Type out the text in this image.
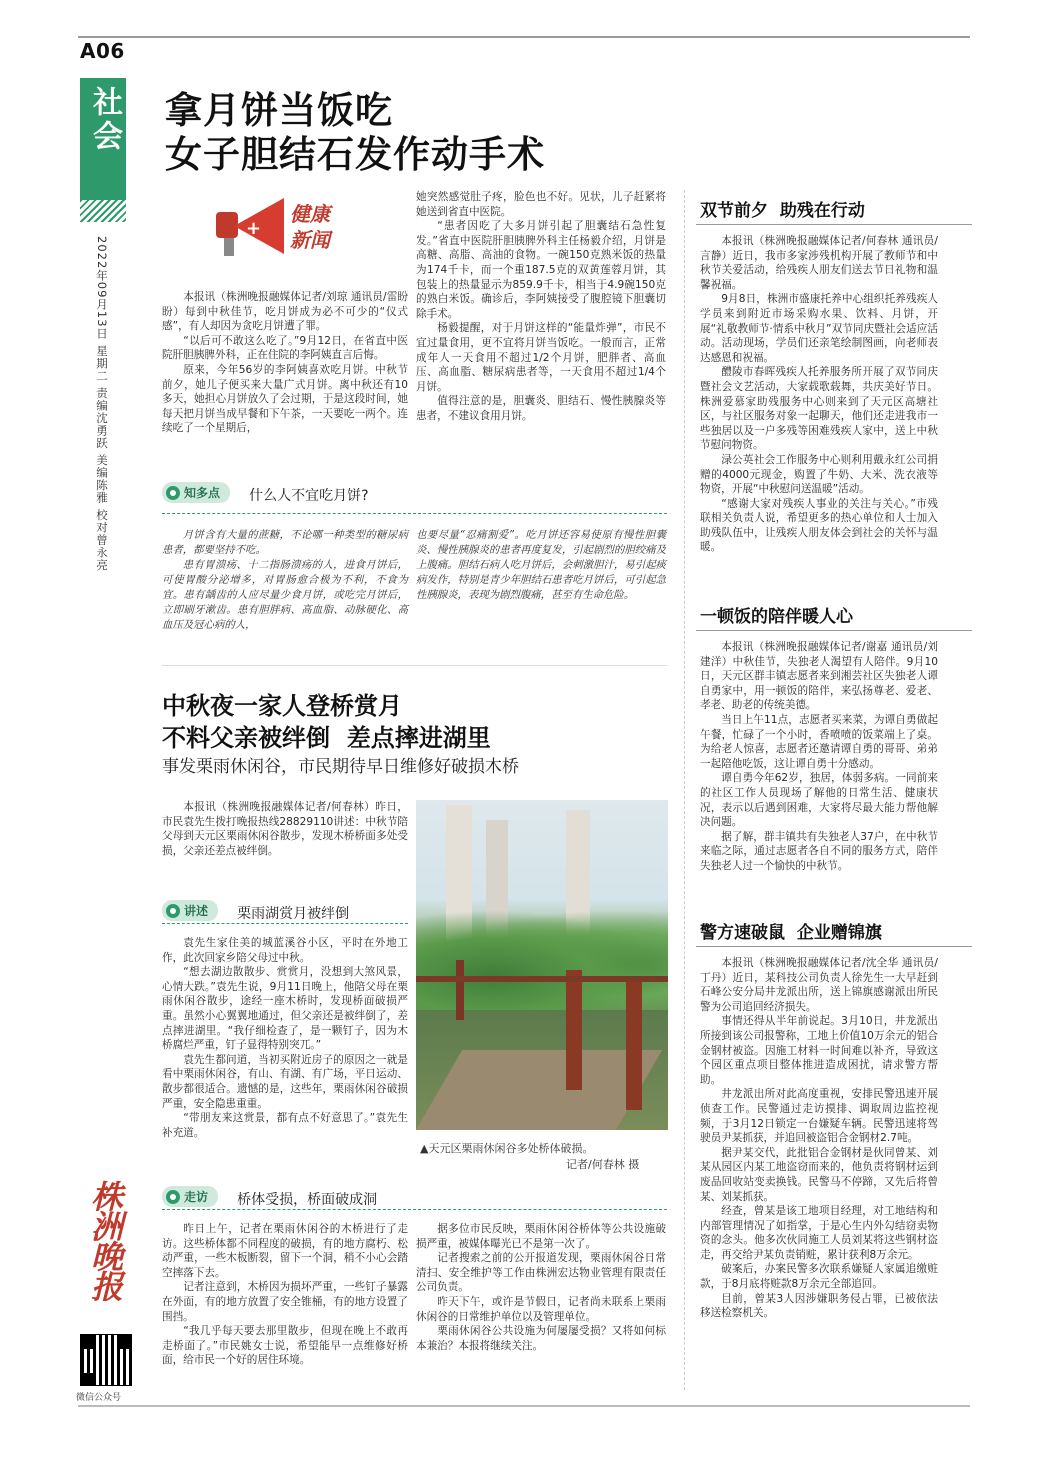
A06
社会
2022年09月13日 星期二 责编沈勇跃 美编陈雅 校对曾永亮
株洲晚报
微信公众号
拿月饼当饭吃
女子胆结石发作动手术
+
健康
新闻

本报讯（株洲晚报融媒体记者/刘琼 通讯员/雷盼盼）每到中秋佳节，吃月饼成为必不可少的“仪式感”，有人却因为贪吃月饼遭了罪。

“以后可不敢这么吃了。”9月12日，在省直中医院肝胆胰脾外科，正在住院的李阿姨直言后悔。

原来，今年56岁的李阿姨喜欢吃月饼。中秋节前夕，她儿子便买来大量广式月饼。离中秋还有10多天，她担心月饼放久了会过期，于是这段时间，她每天把月饼当成早餐和下午茶，一天要吃一两个。连续吃了一个星期后，

她突然感觉肚子疼，脸色也不好。见状，儿子赶紧将她送到省直中医院。

“患者因吃了大多月饼引起了胆囊结石急性复发。”省直中医院肝胆胰脾外科主任杨毅介绍，月饼是高糖、高脂、高油的食物。一碗150克熟米饭的热量为174千卡，而一个重187.5克的双黄莲蓉月饼，其包装上的热量显示为859.9千卡，相当于4.9碗150克的熟白米饭。确诊后，李阿姨接受了腹腔镜下胆囊切除手术。

杨毅提醒，对于月饼这样的“能量炸弹”，市民不宜过量食用，更不宜将月饼当饭吃。一般而言，正常成年人一天食用不超过1/2个月饼，肥胖者、高血压、高血脂、糖尿病患者等，一天食用不超过1/4个月饼。

值得注意的是，胆囊炎、胆结石、慢性胰腺炎等患者，不建议食用月饼。

知多点 什么人不宜吃月饼?

月饼含有大量的蔗糖，不论哪一种类型的糖尿病患者，都要坚持不吃。

患有胃溃疡、十二指肠溃疡的人，进食月饼后，可使胃酸分泌增多，对胃肠愈合极为不利，不食为宜。患有龋齿的人应尽量少食月饼，或吃完月饼后，立即刷牙漱齿。患有胆胖病、高血脂、动脉硬化、高血压及冠心病的人，

也要尽量“忍痛割爱”。吃月饼还容易使原有慢性胆囊炎、慢性胰腺炎的患者再度复发，引起剧烈的胆绞痛及上腹痛。胆结石病人吃月饼后，会刺激胆汁，易引起痰病发作，特别是青少年胆结石患者吃月饼后，可引起急性胰腺炎，表现为剧烈腹痛，甚至有生命危险。

中秋夜一家人登桥赏月
不料父亲被绊倒  差点摔进湖里
事发栗雨休闲谷，市民期待早日维修好破损木桥

本报讯（株洲晚报融媒体记者/何春林）昨日，市民袁先生拨打晚报热线28829110讲述：中秋节陪父母到天元区栗雨休闲谷散步，发现木桥桥面多处受损，父亲还差点被绊倒。

讲述 栗雨湖赏月被绊倒

袁先生家住美的城蓝溪谷小区，平时在外地工作，此次回家乡陪父母过中秋。

“想去湖边散散步、赏赏月，没想到大煞风景，心情大跌。”袁先生说，9月11日晚上，他陪父母在栗雨休闲谷散步，途经一座木桥时，发现桥面破损严重。虽然小心翼翼地通过，但父亲还是被绊倒了，差点摔进湖里。“我仔细检查了，是一颗钉子，因为木桥腐烂严重，钉子显得特别突兀。”

袁先生都问道，当初买附近房子的原因之一就是看中栗雨休闲谷，有山、有湖、有广场，平日运动、散步都很适合。遗憾的是，这些年，栗雨休闲谷破损严重，安全隐患重重。

“带朋友来这赏景，都有点不好意思了。”袁先生补充道。

▲天元区栗雨休闲谷多处桥体破损。
记者/何春林 摄
走访 桥体受损，桥面破成洞

昨日上午，记者在栗雨休闲谷的木桥进行了走访。这些桥体都不同程度的破损，有的地方腐朽、松动严重，一些木板断裂，留下一个洞，稍不小心会踏空摔落下去。

记者注意到，木桥因为损坏严重，一些钉子暴露在外面，有的地方放置了安全锥桶，有的地方设置了围挡。

“我几乎每天要去那里散步，但现在晚上不敢再走桥面了。”市民姚女士说，希望能早一点维修好桥面，给市民一个好的居住环境。

据多位市民反映，栗雨休闲谷桥体等公共设施破损严重，被媒体曝光已不是第一次了。

记者搜索之前的公开报道发现，栗雨休闲谷日常清扫、安全维护等工作由株洲宏达物业管理有限责任公司负责。

昨天下午，或许是节假日，记者尚未联系上栗雨休闲谷的日常维护单位以及管理单位。

栗雨休闲谷公共设施为何屡屡受损？又将如何标本兼治？本报将继续关注。

双节前夕  助残在行动

本报讯（株洲晚报融媒体记者/何春林 通讯员/言静）近日，我市多家涉残机构开展了教师节和中秋节关爱活动，给残疾人朋友们送去节日礼物和温馨祝福。

9月8日，株洲市盛康托养中心组织托养残疾人学员来到附近市场采购水果、饮料、月饼，开展“礼敬教师节·情系中秋月”双节同庆暨社会适应活动。活动现场，学员们还亲笔绘制图画，向老师表达感恩和祝福。

醴陵市春晖残疾人托养服务所开展了双节同庆暨社会文艺活动，大家载歌载舞，共庆美好节日。株洲爱慕家助残服务中心则来到了天元区高塘社区，与社区服务对象一起聊天，他们还走进我市一些独居以及一户多残等困难残疾人家中，送上中秋节慰问物资。

渌公英社会工作服务中心则利用戴永红公司捐赠的4000元现金，购置了牛奶、大米、洗衣液等物资，开展“中秋慰问送温暖”活动。

“感谢大家对残疾人事业的关注与关心。”市残联相关负责人说，希望更多的热心单位和人士加入助残队伍中，让残疾人朋友体会到社会的关怀与温暖。

一顿饭的陪伴暖人心

本报讯（株洲晚报融媒体记者/谢嘉 通讯员/刘建洋）中秋佳节，失独老人渴望有人陪伴。9月10日，天元区群丰镇志愿者来到湘芸社区失独老人谭自勇家中，用一顿饭的陪伴，来弘扬尊老、爱老、孝老、助老的传统美德。

当日上午11点，志愿者买来菜，为谭自勇做起午餐，忙碌了一个小时，香喷喷的饭菜端上了桌。为给老人惊喜，志愿者还邀请谭自勇的哥哥、弟弟一起陪他吃饭，这让谭自勇十分感动。

谭自勇今年62岁，独居，体弱多病。一同前来的社区工作人员现场了解他的日常生活、健康状况，表示以后遇到困难，大家将尽最大能力帮他解决问题。

据了解，群丰镇共有失独老人37户，在中秋节来临之际，通过志愿者各自不同的服务方式，陪伴失独老人过一个愉快的中秋节。

警方速破鼠  企业赠锦旗

本报讯（株洲晚报融媒体记者/沈全华 通讯员/丁丹）近日，某科技公司负责人徐先生一大早赶到石峰公安分局井龙派出所，送上锦旗感谢派出所民警为公司追回经济损失。

事情还得从半年前说起。3月10日，井龙派出所接到该公司报警称，工地上价值10万余元的铝合金钢材被盗。因施工材料一时间难以补齐，导致这个园区重点项目整体推进造成困扰，请求警方帮助。

井龙派出所对此高度重视，安排民警迅速开展侦查工作。民警通过走访摸排、调取周边监控视频，于3月12日锁定一台嫌疑车辆。民警迅速将驾驶员尹某抓获，并追回被盗铝合金钢材2.7吨。

据尹某交代，此批铝合金钢材是伙同曾某、刘某从园区内某工地盗窃而来的，他负责将钢材运到废品回收站变卖换钱。民警马不停蹄，又先后将曾某、刘某抓获。

经查，曾某是该工地项目经理，对工地结构和内部管理情况了如指掌，于是心生内外勾结窃卖物资的念头。他多次伙同施工人员刘某将这些钢材盗走，再交给尹某负责销赃，累计获利8万余元。

破案后，办案民警多次联系嫌疑人家属追缴赃款，于8月底将赃款8万余元全部追回。

目前，曾某3人因涉嫌职务侵占罪，已被依法移送检察机关。
